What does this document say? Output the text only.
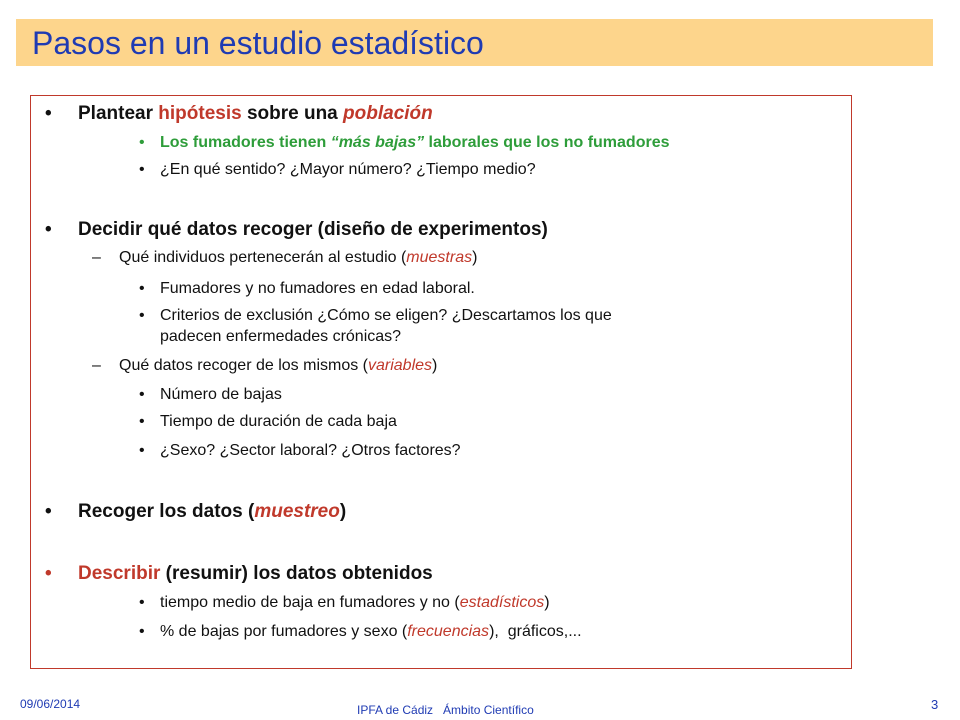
Pasos en un estudio estadístico
• Plantear hipótesis sobre una población
• Los fumadores tienen “más bajas” laborales que los no fumadores
• ¿En qué sentido? ¿Mayor número? ¿Tiempo medio?
• Decidir qué datos recoger (diseño de experimentos)
– Qué individuos pertenecerán al estudio (muestras)
• Fumadores y no fumadores en edad laboral.
• Criterios de exclusión ¿Cómo se eligen? ¿Descartamos los que
padecen enfermedades crónicas?
– Qué datos recoger de los mismos (variables)
• Número de bajas
• Tiempo de duración de cada baja
• ¿Sexo? ¿Sector laboral? ¿Otros factores?
• Recoger los datos (muestreo)
• Describir (resumir) los datos obtenidos
• tiempo medio de baja en fumadores y no (estadísticos)
• % de bajas por fumadores y sexo (frecuencias),  gráficos,...
09/06/2014	IPFA de Cádiz   Ámbito Científico	3
